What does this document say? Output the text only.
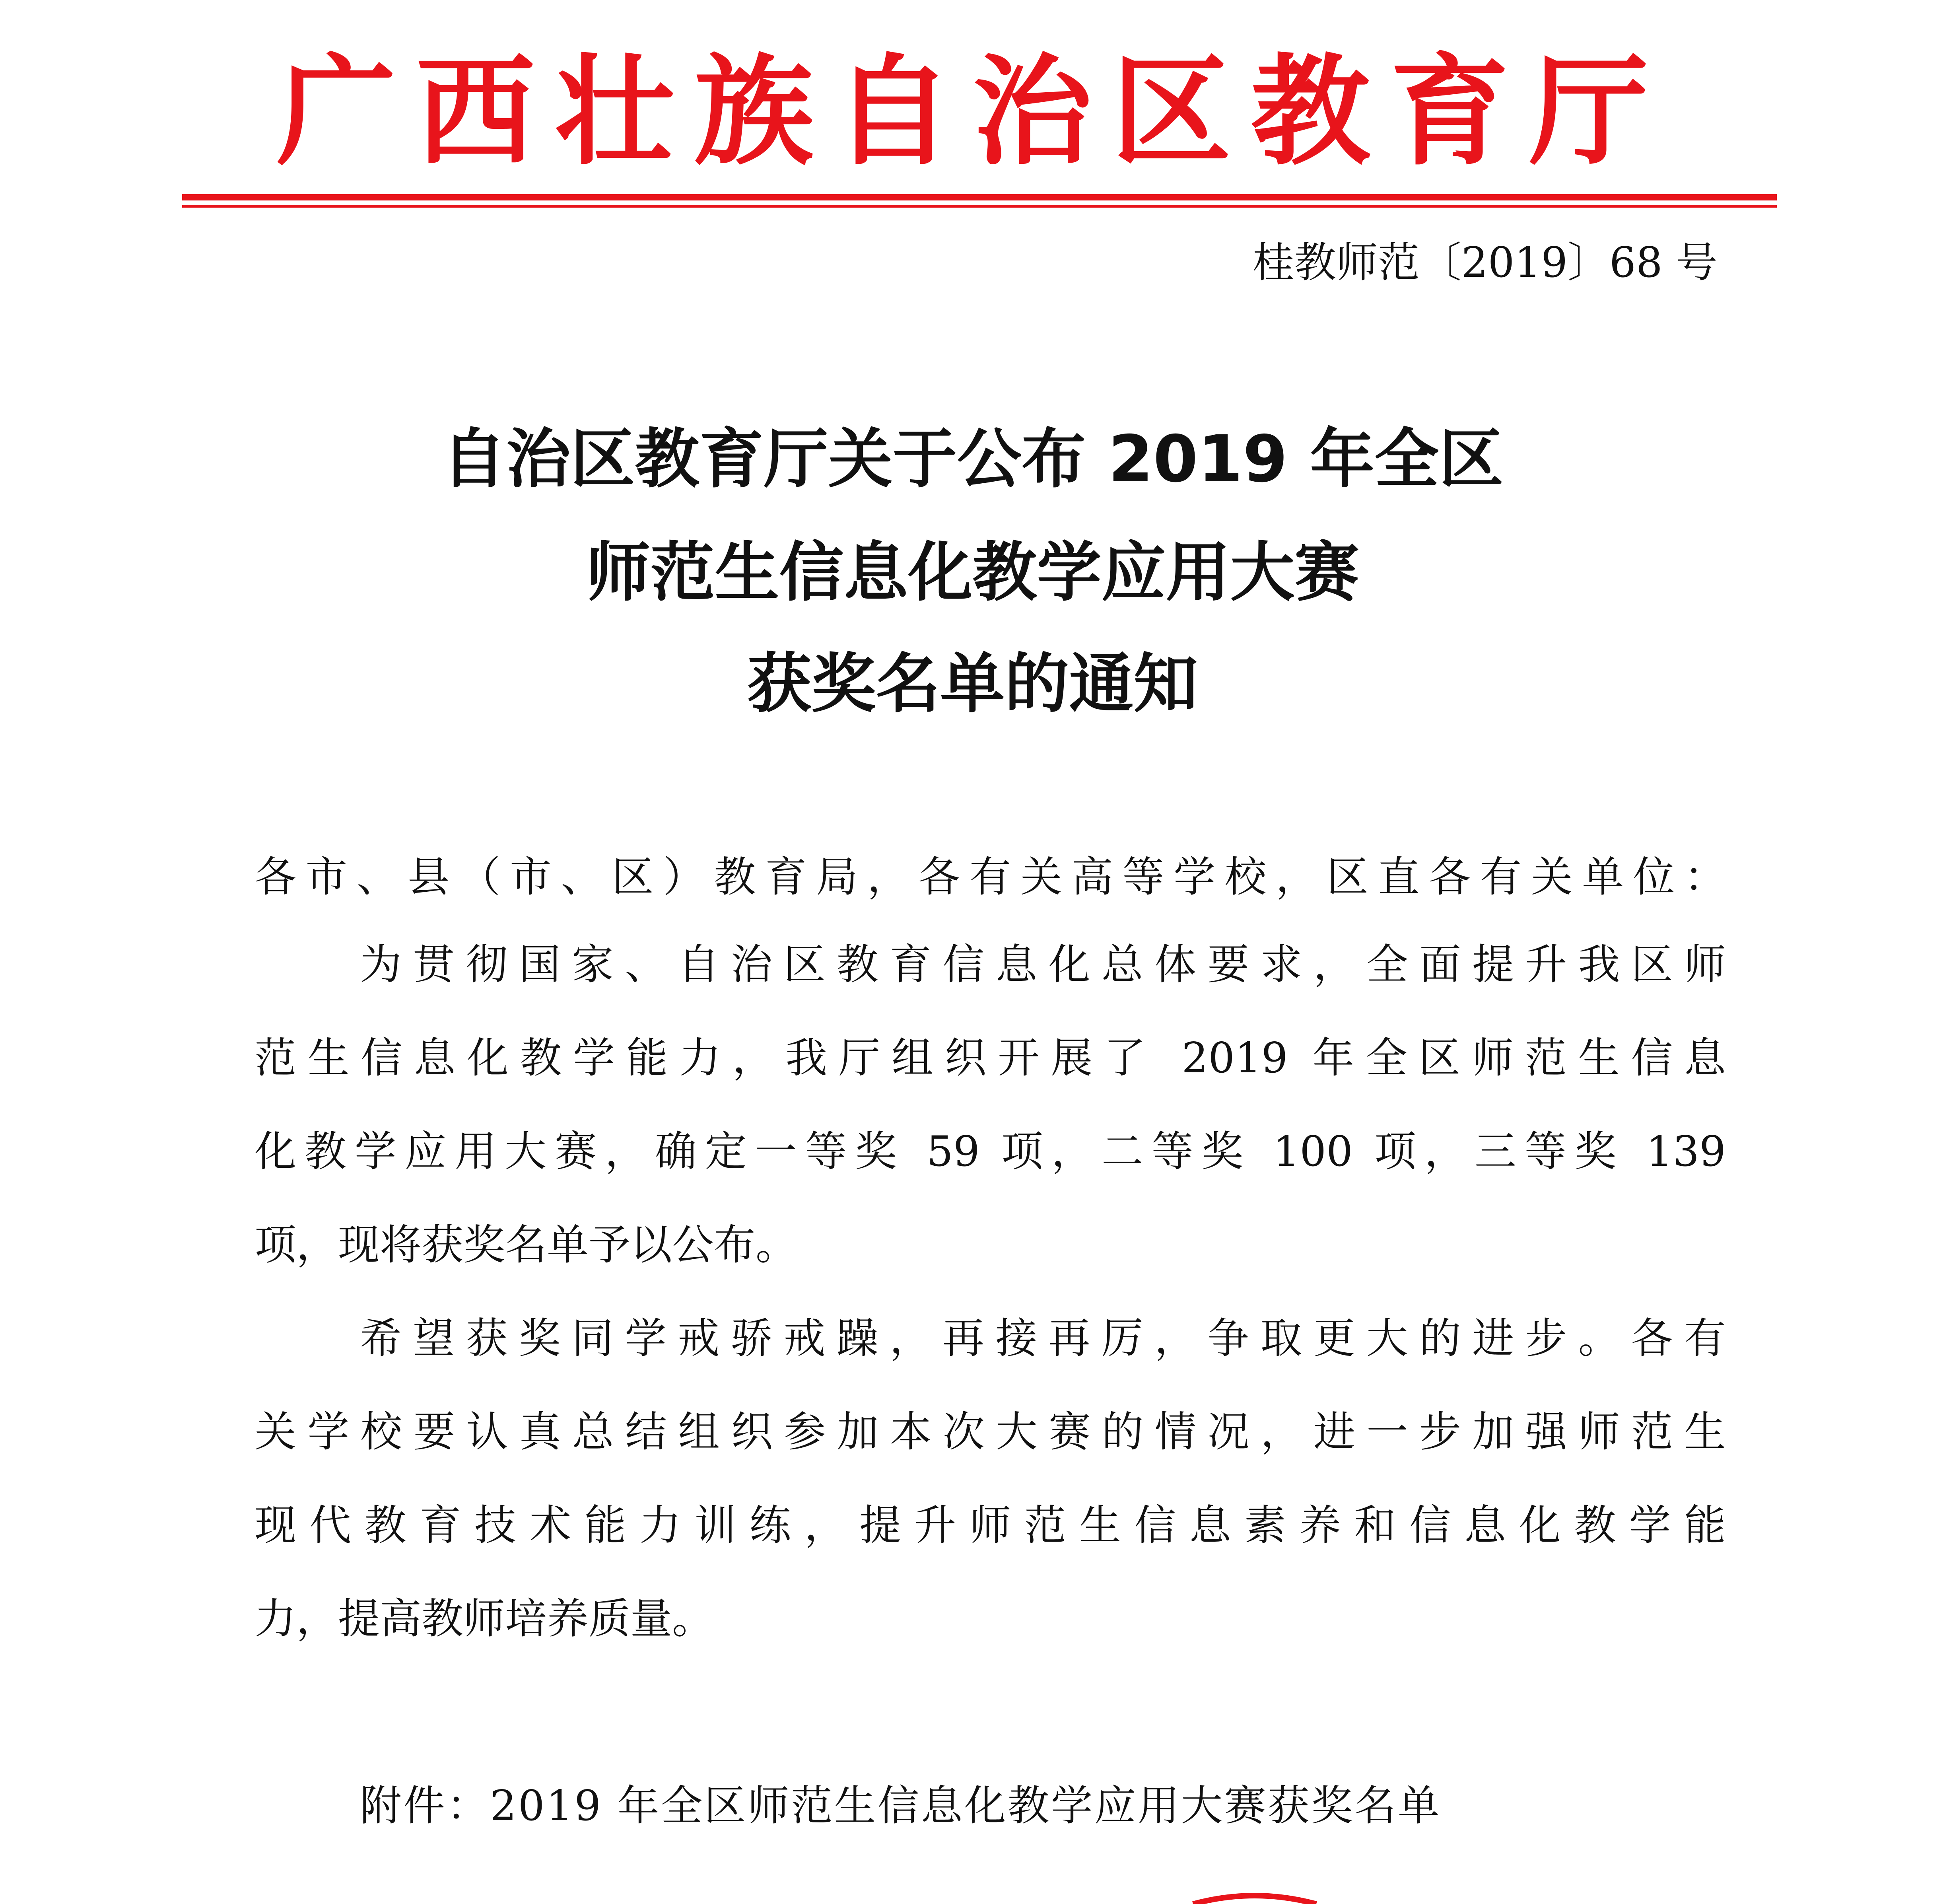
广西壮族自治区教育厅
桂教师范〔2019〕68 号
自治区教育厅关于公布 2019 年全区
师范生信息化教学应用大赛
获奖名单的通知
各市、县（市、区）教育局，各有关高等学校，区直各有关单位：
为贯彻国家、自治区教育信息化总体要求，全面提升我区师
范生信息化教学能力，我厅组织开展了 2019 年全区师范生信息
化教学应用大赛，确定一等奖 59 项，二等奖 100 项，三等奖 139
项，现将获奖名单予以公布。
希望获奖同学戒骄戒躁，再接再厉，争取更大的进步。各有
关学校要认真总结组织参加本次大赛的情况，进一步加强师范生
现代教育技术能力训练，提升师范生信息素养和信息化教学能
力，提高教师培养质量。
附件：2019 年全区师范生信息化教学应用大赛获奖名单
